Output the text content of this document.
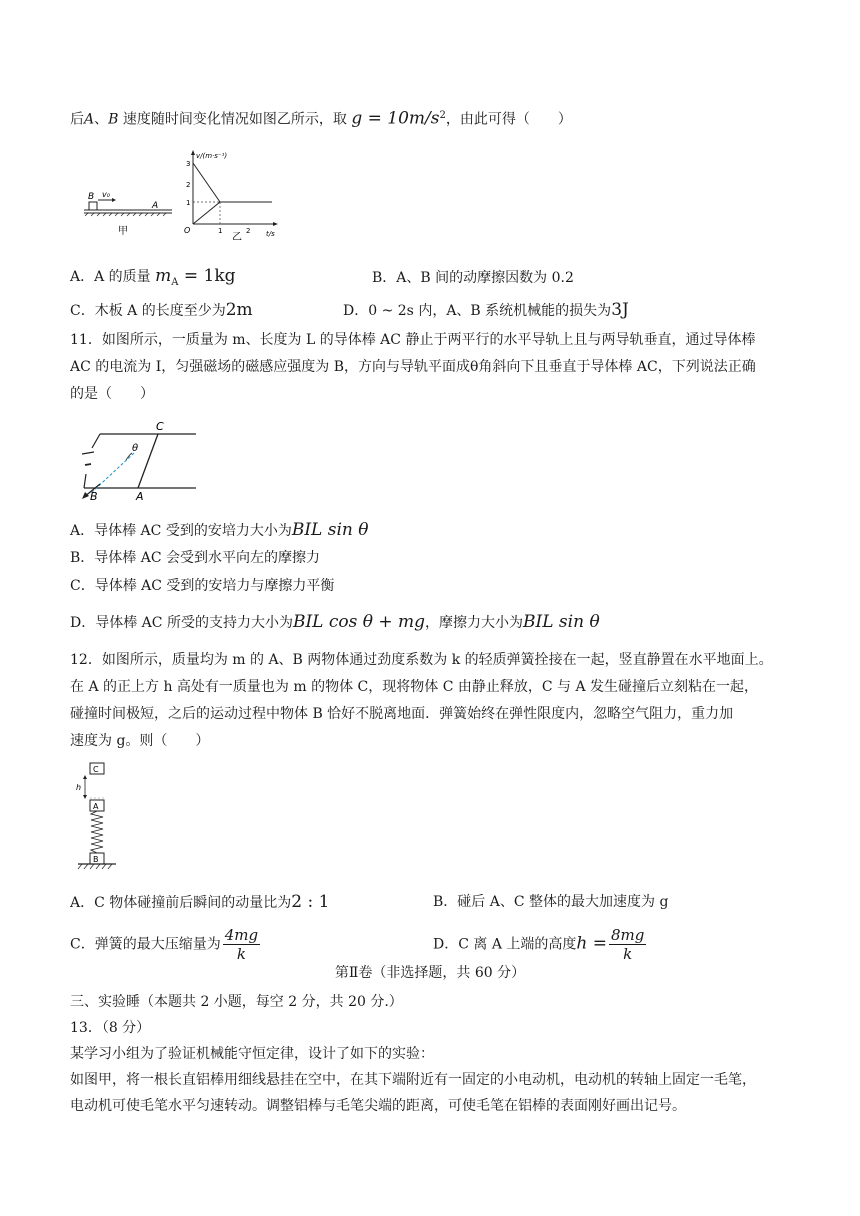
后A、B 速度随时间变化情况如图乙所示，取 $g = 10m/s^2$，由此可得（　　）
B v₀
A
甲
v/(m·s⁻¹)
t/s
3
2
1
O	1	2
乙
A．A 的质量 $m_A = 1kg$	B．A、B 间的动摩擦因数为 0.2
C．木板 A 的长度至少为2m	D．0 ~ 2s 内，A、B 系统机械能的损失为3J
11．如图所示，一质量为 m、长度为 L 的导体棒 AC 静止于两平行的水平导轨上且与两导轨垂直，通过导体棒
AC 的电流为 I，匀强磁场的磁感应强度为 B，方向与导轨平面成θ角斜向下且垂直于导体棒 AC，下列说法正确
的是（　　）
C
θ
B	A
A．导体棒 AC 受到的安培力大小为BIL sin θ
B．导体棒 AC 会受到水平向左的摩擦力
C．导体棒 AC 受到的安培力与摩擦力平衡
D．导体棒 AC 所受的支持力大小为BIL cos θ + mg，摩擦力大小为BIL sin θ
12．如图所示，质量均为 m 的 A、B 两物体通过劲度系数为 k 的轻质弹簧拴接在一起，竖直静置在水平地面上。
在 A 的正上方 h 高处有一质量也为 m 的物体 C，现将物体 C 由静止释放，C 与 A 发生碰撞后立刻粘在一起，
碰撞时间极短，之后的运动过程中物体 B 恰好不脱离地面．弹簧始终在弹性限度内，忽略空气阻力，重力加
速度为 g。则（　　）
C
h
A
B
A．C 物体碰撞前后瞬间的动量比为2 : 1	B．碰后 A、C 整体的最大加速度为 g
C．弹簧的最大压缩量为 $\frac{4mg}{k}$	D．C 离 A 上端的高度$h = \frac{8mg}{k}$
第Ⅱ卷（非选择题，共 60 分）
三、实验睡（本题共 2 小题，每空 2 分，共 20 分.）
13．（8 分）
某学习小组为了验证机械能守恒定律，设计了如下的实验：
如图甲，将一根长直铝棒用细线悬挂在空中，在其下端附近有一固定的小电动机，电动机的转轴上固定一毛笔，
电动机可使毛笔水平匀速转动。调整铝棒与毛笔尖端的距离，可使毛笔在铝棒的表面刚好画出记号。
